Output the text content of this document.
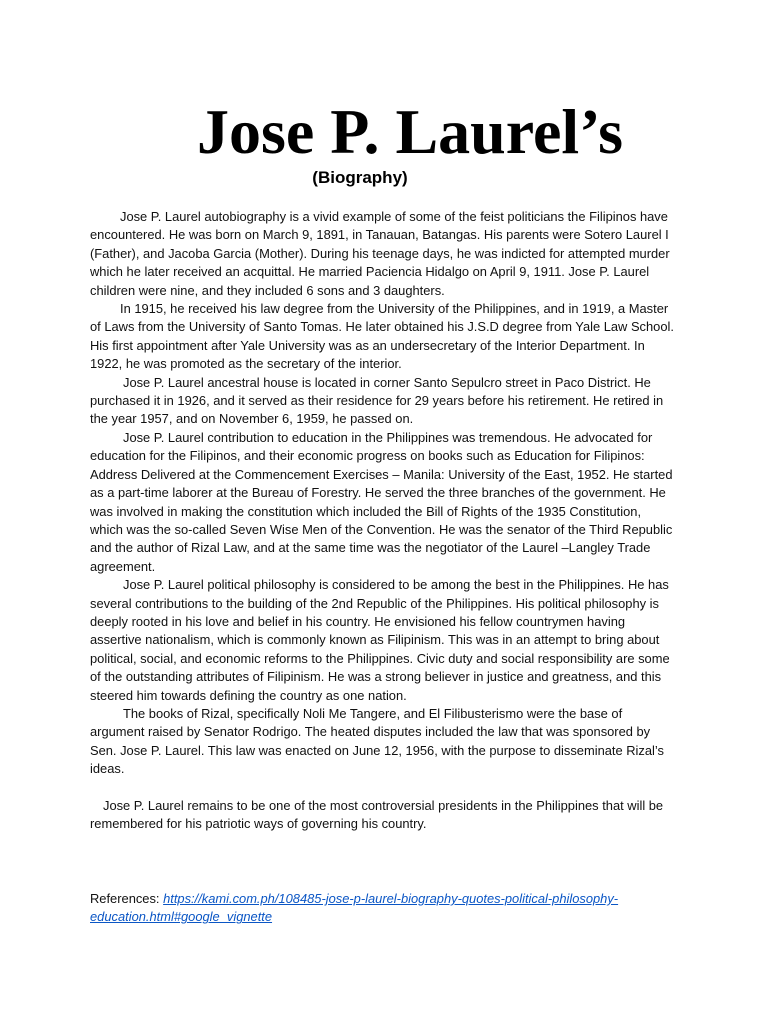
Jose P. Laurel’s
(Biography)

Jose P. Laurel autobiography is a vivid example of some of the feist politicians the Filipinos have encountered. He was born on March 9, 1891, in Tanauan, Batangas. His parents were Sotero Laurel I (Father), and Jacoba Garcia (Mother). During his teenage days, he was indicted for attempted murder which he later received an acquittal. He married Paciencia Hidalgo on April 9, 1911. Jose P. Laurel children were nine, and they included 6 sons and 3 daughters.

In 1915, he received his law degree from the University of the Philippines, and in 1919, a Master of Laws from the University of Santo Tomas. He later obtained his J.S.D degree from Yale Law School. His first appointment after Yale University was as an undersecretary of the Interior Department. In 1922, he was promoted as the secretary of the interior.

Jose P. Laurel ancestral house is located in corner Santo Sepulcro street in Paco District. He purchased it in 1926, and it served as their residence for 29 years before his retirement. He retired in the year 1957, and on November 6, 1959, he passed on.

Jose P. Laurel contribution to education in the Philippines was tremendous. He advocated for education for the Filipinos, and their economic progress on books such as Education for Filipinos: Address Delivered at the Commencement Exercises – Manila: University of the East, 1952. He started as a part-time laborer at the Bureau of Forestry. He served the three branches of the government. He was involved in making the constitution which included the Bill of Rights of the 1935 Constitution, which was the so-called Seven Wise Men of the Convention. He was the senator of the Third Republic and the author of Rizal Law, and at the same time was the negotiator of the Laurel –Langley Trade agreement.

Jose P. Laurel political philosophy is considered to be among the best in the Philippines. He has several contributions to the building of the 2nd Republic of the Philippines. His political philosophy is deeply rooted in his love and belief in his country. He envisioned his fellow countrymen having assertive nationalism, which is commonly known as Filipinism. This was in an attempt to bring about political, social, and economic reforms to the Philippines. Civic duty and social responsibility are some of the outstanding attributes of Filipinism. He was a strong believer in justice and greatness, and this steered him towards defining the country as one nation.

The books of Rizal, specifically Noli Me Tangere, and El Filibusterismo were the base of argument raised by Senator Rodrigo. The heated disputes included the law that was sponsored by Sen. Jose P. Laurel. This law was enacted on June 12, 1956, with the purpose to disseminate Rizal’s ideas.

Jose P. Laurel remains to be one of the most controversial presidents in the Philippines that will be remembered for his patriotic ways of governing his country.

References: https://kami.com.ph/108485-jose-p-laurel-biography-quotes-political-philosophy-education.html#google_vignette
